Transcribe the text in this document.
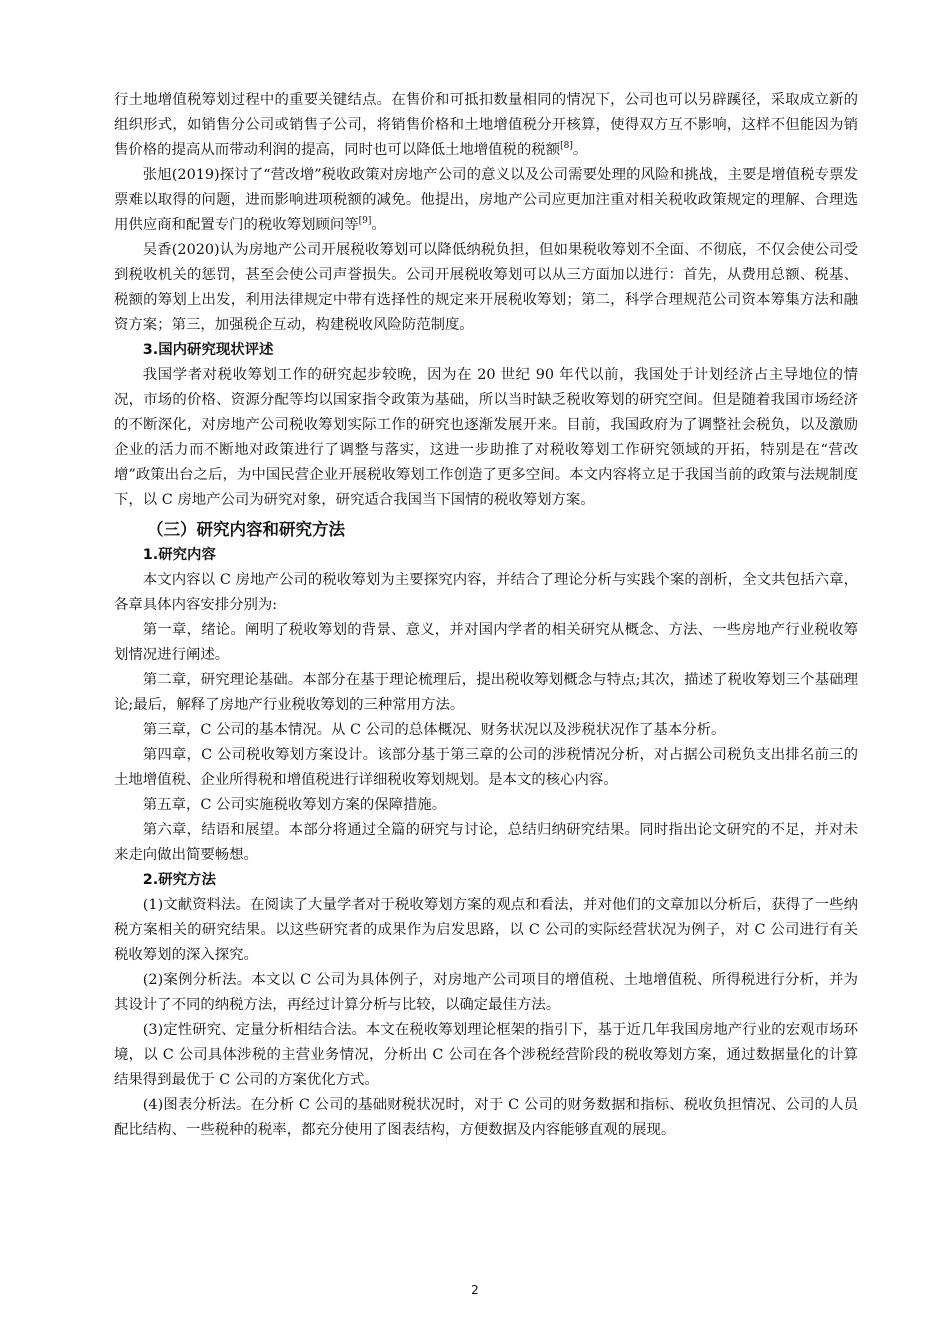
行土地增值税筹划过程中的重要关键结点。在售价和可抵扣数量相同的情况下，公司也可以另辟蹊径，采取成立新的组织形式，如销售分公司或销售子公司，将销售价格和土地增值税分开核算，使得双方互不影响，这样不但能因为销售价格的提高从而带动利润的提高，同时也可以降低土地增值税的税额[8]。

张旭(2019)探讨了“营改增”税收政策对房地产公司的意义以及公司需要处理的风险和挑战，主要是增值税专票发票难以取得的问题，进而影响进项税额的减免。他提出，房地产公司应更加注重对相关税收政策规定的理解、合理选用供应商和配置专门的税收筹划顾问等[9]。

吴香(2020)认为房地产公司开展税收筹划可以降低纳税负担，但如果税收筹划不全面、不彻底，不仅会使公司受到税收机关的惩罚，甚至会使公司声誉损失。公司开展税收筹划可以从三方面加以进行：首先，从费用总额、税基、税额的筹划上出发，利用法律规定中带有选择性的规定来开展税收筹划；第二，科学合理规范公司资本筹集方法和融资方案；第三，加强税企互动，构建税收风险防范制度。

3.国内研究现状评述

我国学者对税收筹划工作的研究起步较晚，因为在 20 世纪 90 年代以前，我国处于计划经济占主导地位的情况，市场的价格、资源分配等均以国家指令政策为基础，所以当时缺乏税收筹划的研究空间。但是随着我国市场经济的不断深化，对房地产公司税收筹划实际工作的研究也逐渐发展开来。目前，我国政府为了调整社会税负，以及激励企业的活力而不断地对政策进行了调整与落实，这进一步助推了对税收筹划工作研究领域的开拓，特别是在“营改增”政策出台之后，为中国民营企业开展税收筹划工作创造了更多空间。本文内容将立足于我国当前的政策与法规制度下，以 C 房地产公司为研究对象，研究适合我国当下国情的税收筹划方案。

（三）研究内容和研究方法

1.研究内容

本文内容以 C 房地产公司的税收筹划为主要探究内容，并结合了理论分析与实践个案的剖析，全文共包括六章，各章具体内容安排分别为:

第一章，绪论。阐明了税收筹划的背景、意义，并对国内学者的相关研究从概念、方法、一些房地产行业税收筹划情况进行阐述。

第二章，研究理论基础。本部分在基于理论梳理后，提出税收筹划概念与特点;其次，描述了税收筹划三个基础理论;最后，解释了房地产行业税收筹划的三种常用方法。

第三章，C 公司的基本情况。从 C 公司的总体概况、财务状况以及涉税状况作了基本分析。

第四章，C 公司税收筹划方案设计。该部分基于第三章的公司的涉税情况分析，对占据公司税负支出排名前三的土地增值税、企业所得税和增值税进行详细税收筹划规划。是本文的核心内容。

第五章，C 公司实施税收筹划方案的保障措施。

第六章，结语和展望。本部分将通过全篇的研究与讨论，总结归纳研究结果。同时指出论文研究的不足，并对未来走向做出简要畅想。

2.研究方法

(1)文献资料法。在阅读了大量学者对于税收筹划方案的观点和看法，并对他们的文章加以分析后，获得了一些纳税方案相关的研究结果。以这些研究者的成果作为启发思路，以 C 公司的实际经营状况为例子，对 C 公司进行有关税收筹划的深入探究。

(2)案例分析法。本文以 C 公司为具体例子，对房地产公司项目的增值税、土地增值税、所得税进行分析，并为其设计了不同的纳税方法，再经过计算分析与比较，以确定最佳方法。

(3)定性研究、定量分析相结合法。本文在税收筹划理论框架的指引下，基于近几年我国房地产行业的宏观市场环境，以 C 公司具体涉税的主营业务情况，分析出 C 公司在各个涉税经营阶段的税收筹划方案，通过数据量化的计算结果得到最优于 C 公司的方案优化方式。

(4)图表分析法。在分析 C 公司的基础财税状况时，对于 C 公司的财务数据和指标、税收负担情况、公司的人员配比结构、一些税种的税率，都充分使用了图表结构，方便数据及内容能够直观的展现。

2
